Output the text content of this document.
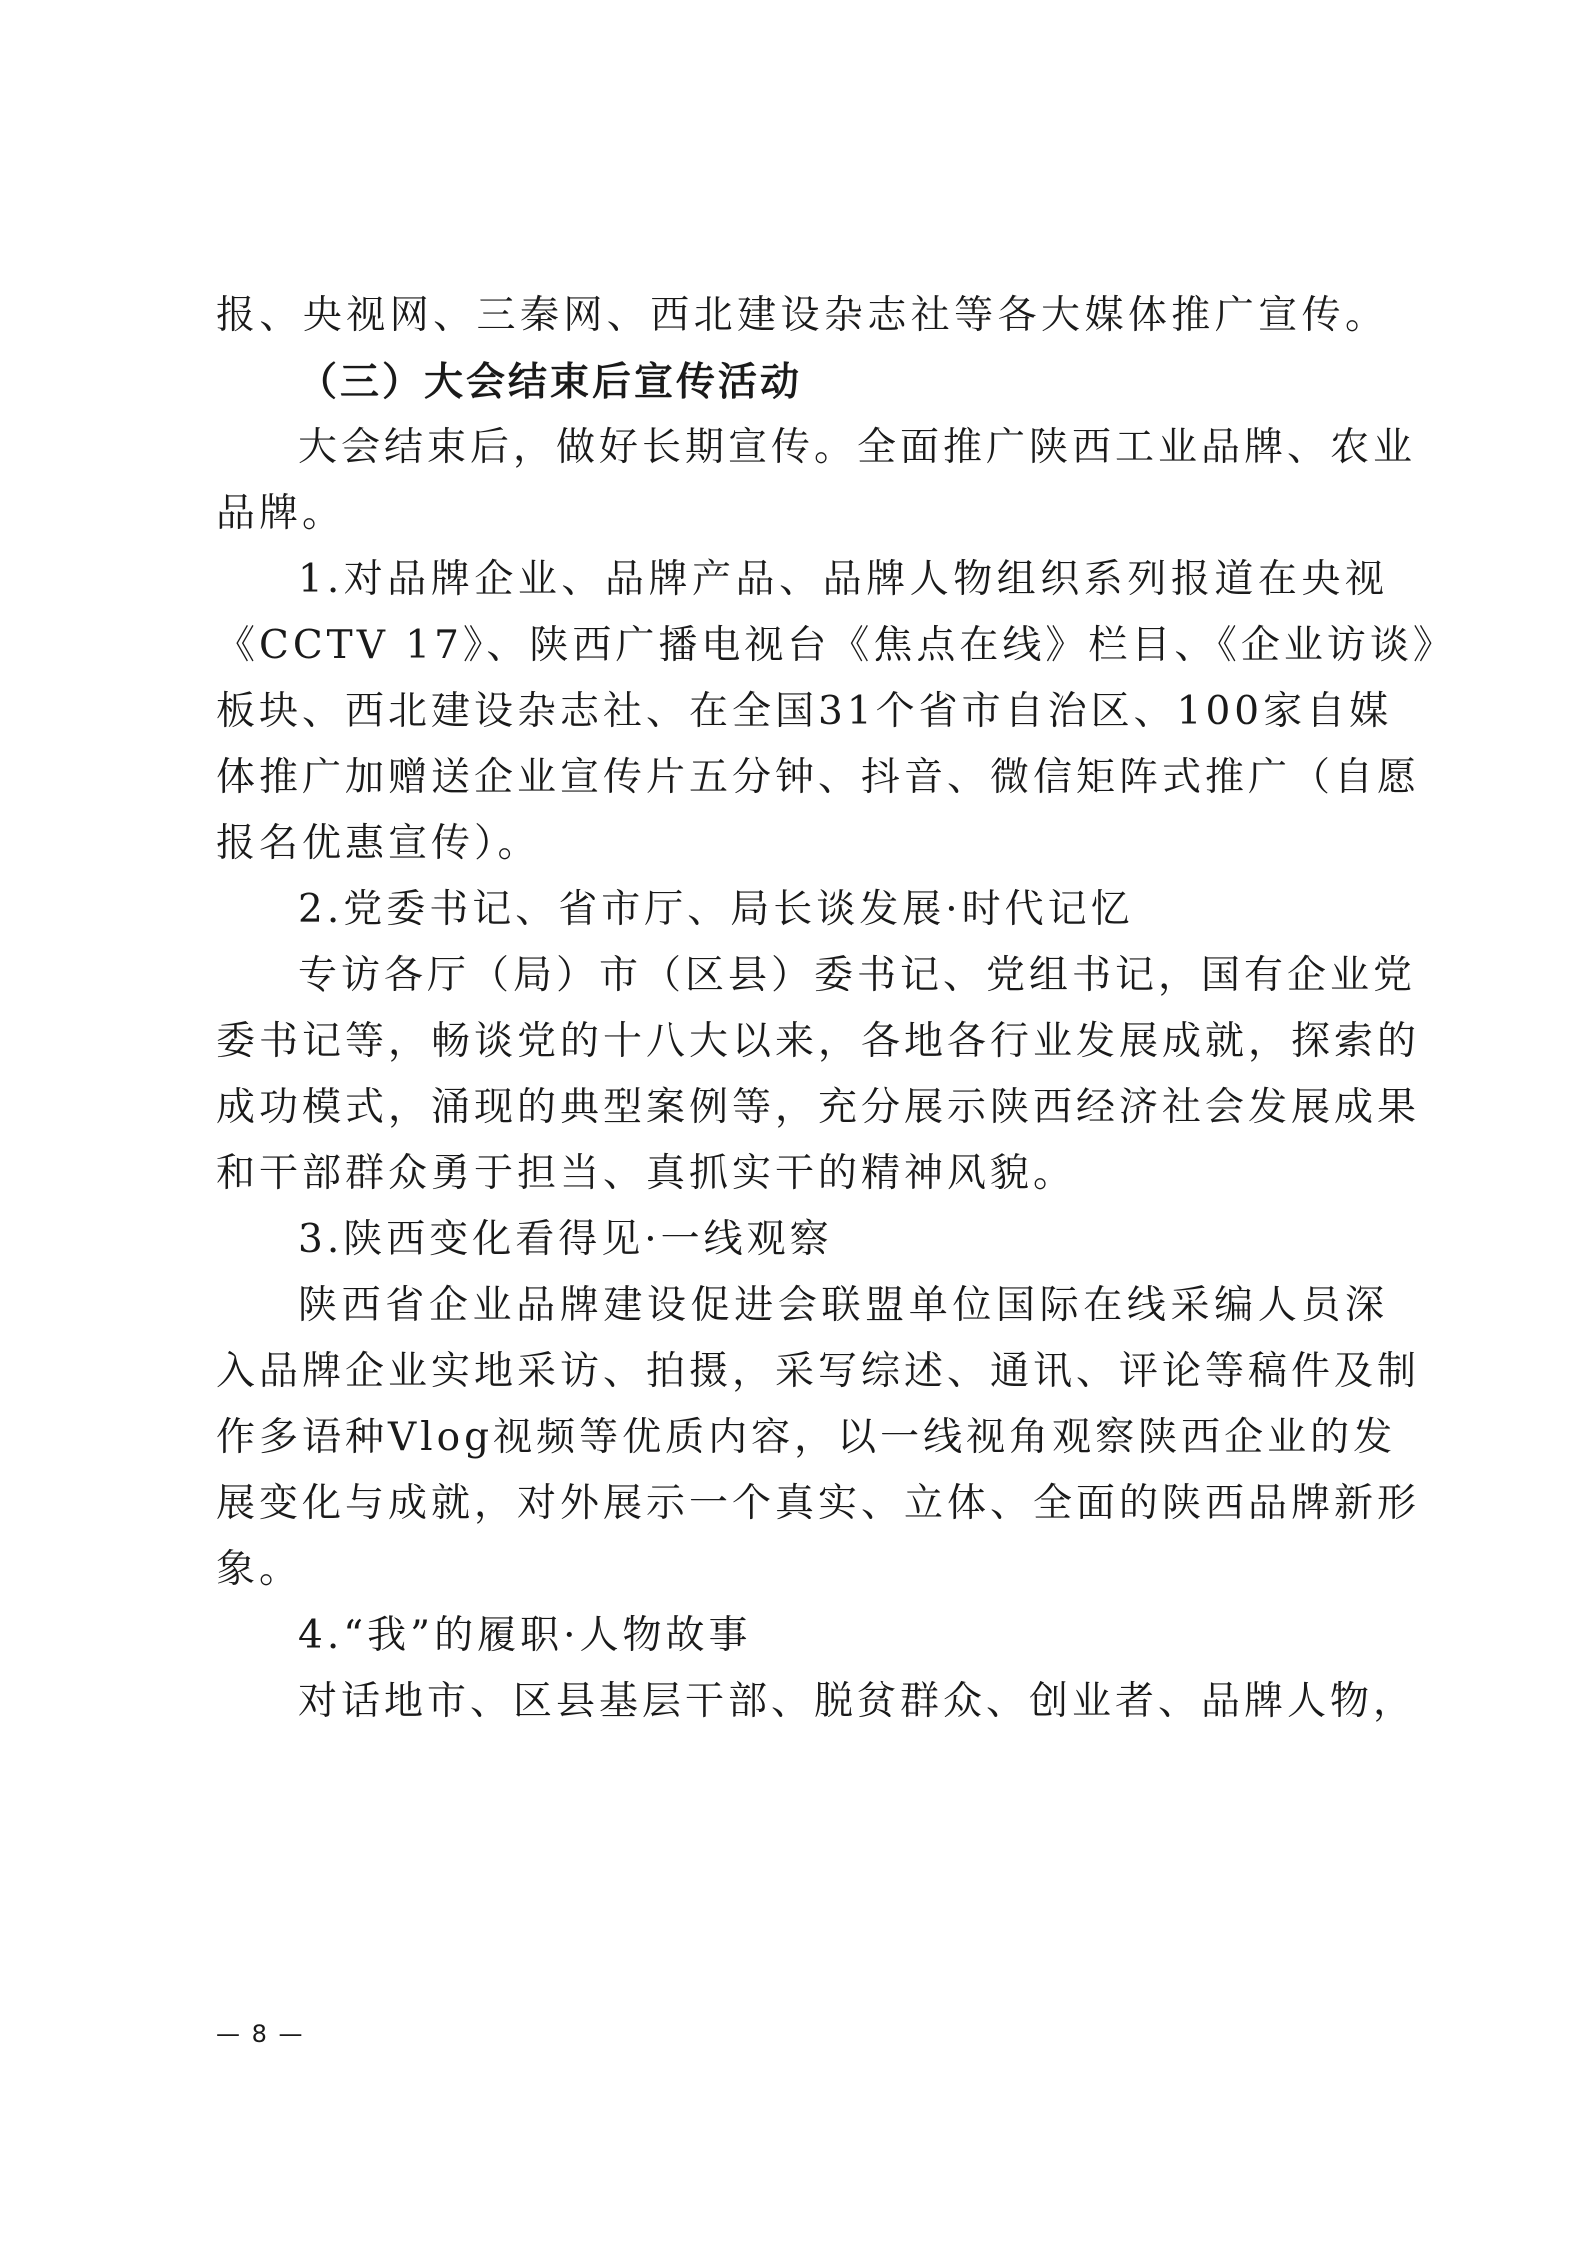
报、央视网、三秦网、西北建设杂志社等各大媒体推广宣传。
（三）大会结束后宣传活动
大会结束后，做好长期宣传。全面推广陕西工业品牌、农业
品牌。
1.对品牌企业、品牌产品、品牌人物组织系列报道在央视
《CCTV 17》、陕西广播电视台《焦点在线》栏目、《企业访谈》
板块、西北建设杂志社、在全国31个省市自治区、100家自媒
体推广加赠送企业宣传片五分钟、抖音、微信矩阵式推广（自愿
报名优惠宣传）。
2.党委书记、省市厅、局长谈发展·时代记忆
专访各厅（局）市（区县）委书记、党组书记，国有企业党
委书记等，畅谈党的十八大以来，各地各行业发展成就，探索的
成功模式，涌现的典型案例等，充分展示陕西经济社会发展成果
和干部群众勇于担当、真抓实干的精神风貌。
3.陕西变化看得见·一线观察
陕西省企业品牌建设促进会联盟单位国际在线采编人员深
入品牌企业实地采访、拍摄，采写综述、通讯、评论等稿件及制
作多语种Vlog视频等优质内容，以一线视角观察陕西企业的发
展变化与成就，对外展示一个真实、立体、全面的陕西品牌新形
象。
4.“我”的履职·人物故事
对话地市、区县基层干部、脱贫群众、创业者、品牌人物，
— 8 —
